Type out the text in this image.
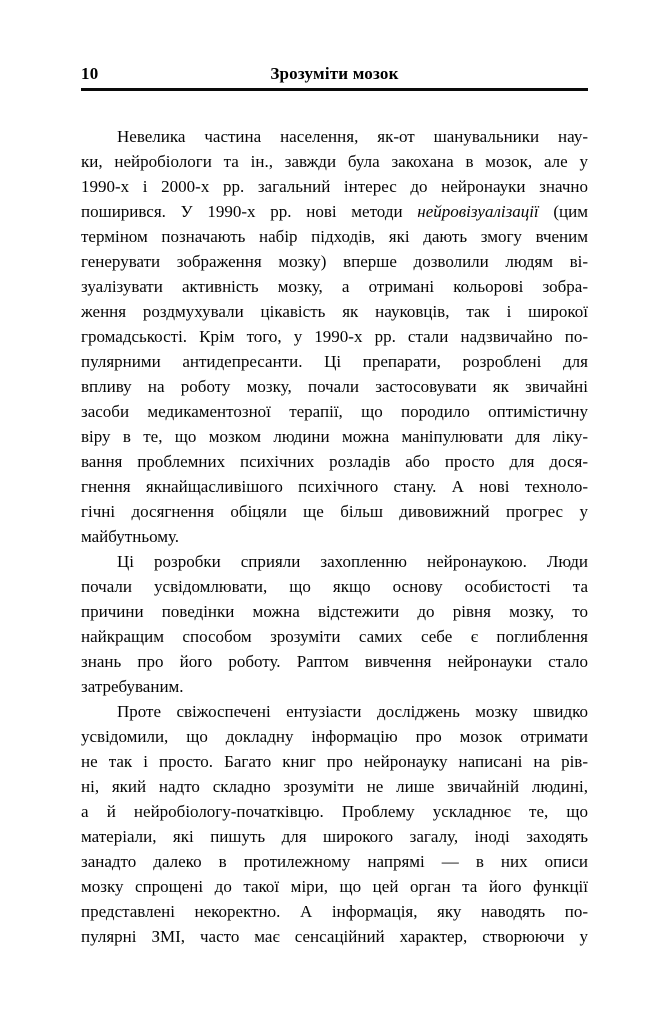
10	Зрозуміти мозок
Невелика частина населення, як-от шанувальники нау-
ки, нейробіологи та ін., завжди була закохана в мозок, але у
1990-х і 2000-х рр. загальний інтерес до нейронауки значно
поширився. У 1990-х рр. нові методи нейровізуалізації (цим
терміном позначають набір підходів, які дають змогу вченим
генерувати зображення мозку) вперше дозволили людям ві-
зуалізувати активність мозку, а отримані кольорові зобра-
ження роздмухували цікавість як науковців, так і широкої
громадськості. Крім того, у 1990-х рр. стали надзвичайно по-
пулярними антидепресанти. Ці препарати, розроблені для
впливу на роботу мозку, почали застосовувати як звичайні
засоби медикаментозної терапії, що породило оптимістичну
віру в те, що мозком людини можна маніпулювати для ліку-
вання проблемних психічних розладів або просто для дося-
гнення якнайщасливішого психічного стану. А нові техноло-
гічні досягнення обіцяли ще більш дивовижний прогрес у
майбутньому.
Ці розробки сприяли захопленню нейронаукою. Люди
почали усвідомлювати, що якщо основу особистості та
причини поведінки можна відстежити до рівня мозку, то
найкращим способом зрозуміти самих себе є поглиблення
знань про його роботу. Раптом вивчення нейронауки стало
затребуваним.
Проте свіжоспечені ентузіасти досліджень мозку швидко
усвідомили, що докладну інформацію про мозок отримати
не так і просто. Багато книг про нейронауку написані на рів-
ні, який надто складно зрозуміти не лише звичайній людині,
а й нейробіологу-початківцю. Проблему ускладнює те, що
матеріали, які пишуть для широкого загалу, іноді заходять
занадто далеко в протилежному напрямі — в них описи
мозку спрощені до такої міри, що цей орган та його функції
представлені некоректно. А інформація, яку наводять по-
пулярні ЗМІ, часто має сенсаційний характер, створюючи у
